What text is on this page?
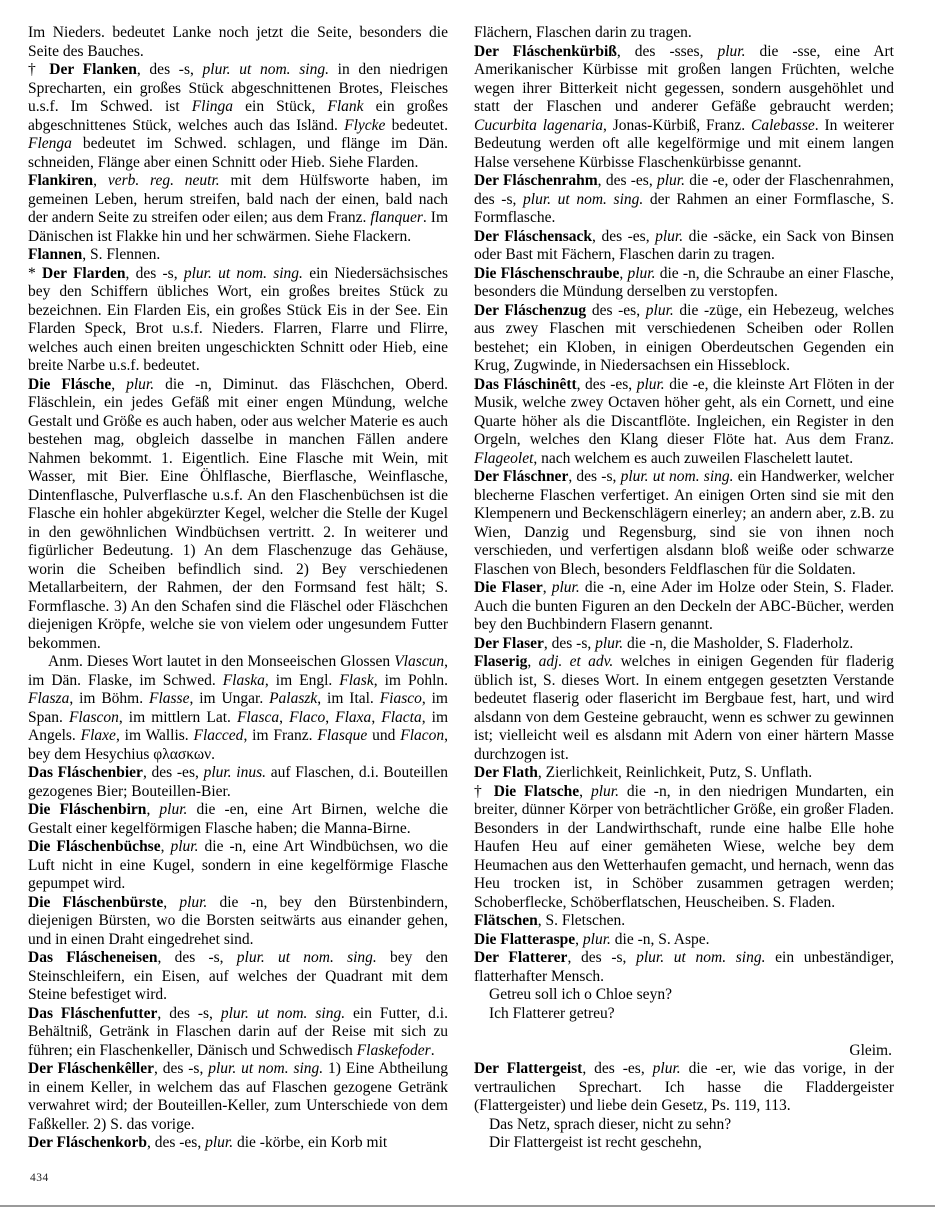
Im Nieders. bedeutet Lanke noch jetzt die Seite, besonders die Seite des Bauches.

† Der Flanken, des -s, plur. ut nom. sing. in den niedrigen Sprecharten, ein großes Stück abgeschnittenen Brotes, Fleisches u.s.f. Im Schwed. ist Flinga ein Stück, Flank ein großes abgeschnittenes Stück, welches auch das Isländ. Flycke bedeutet. Flenga bedeutet im Schwed. schlagen, und flänge im Dän. schneiden, Flänge aber einen Schnitt oder Hieb. Siehe Flarden.

Flankiren, verb. reg. neutr. mit dem Hülfsworte haben, im gemeinen Leben, herum streifen, bald nach der einen, bald nach der andern Seite zu streifen oder eilen; aus dem Franz. flanquer. Im Dänischen ist Flakke hin und her schwärmen. Siehe Flackern.

Flannen, S. Flennen.

* Der Flarden, des -s, plur. ut nom. sing. ein Niedersächsisches bey den Schiffern übliches Wort, ein großes breites Stück zu bezeichnen. Ein Flarden Eis, ein großes Stück Eis in der See. Ein Flarden Speck, Brot u.s.f. Nieders. Flarren, Flarre und Flirre, welches auch einen breiten ungeschickten Schnitt oder Hieb, eine breite Narbe u.s.f. bedeutet.

Die Flásche, plur. die -n, Diminut. das Fläschchen, Oberd. Fläschlein, ein jedes Gefäß mit einer engen Mündung, welche Gestalt und Größe es auch haben, oder aus welcher Materie es auch bestehen mag, obgleich dasselbe in manchen Fällen andere Nahmen bekommt. 1. Eigentlich. Eine Flasche mit Wein, mit Wasser, mit Bier. Eine Öhlflasche, Bierflasche, Weinflasche, Dintenflasche, Pulverflasche u.s.f. An den Flaschenbüchsen ist die Flasche ein hohler abgekürzter Kegel, welcher die Stelle der Kugel in den gewöhnlichen Windbüchsen vertritt. 2. In weiterer und figürlicher Bedeutung. 1) An dem Flaschenzuge das Gehäuse, worin die Scheiben befindlich sind. 2) Bey verschiedenen Metallarbeitern, der Rahmen, der den Formsand fest hält; S. Formflasche. 3) An den Schafen sind die Fläschel oder Fläschchen diejenigen Kröpfe, welche sie von vielem oder ungesundem Futter bekommen.

Anm. Dieses Wort lautet in den Monseeischen Glossen Vlascun, im Dän. Flaske, im Schwed. Flaska, im Engl. Flask, im Pohln. Flasza, im Böhm. Flasse, im Ungar. Palaszk, im Ital. Fiasco, im Span. Flascon, im mittlern Lat. Flasca, Flaco, Flaxa, Flacta, im Angels. Flaxe, im Wallis. Flacced, im Franz. Flasque und Flacon, bey dem Hesychius φλασκων.

Das Fláschenbier, des -es, plur. inus. auf Flaschen, d.i. Bouteillen gezogenes Bier; Bouteillen-Bier.

Die Fláschenbirn, plur. die -en, eine Art Birnen, welche die Gestalt einer kegelförmigen Flasche haben; die Manna-Birne.

Die Fláschenbüchse, plur. die -n, eine Art Windbüchsen, wo die Luft nicht in eine Kugel, sondern in eine kegelförmige Flasche gepumpet wird.

Die Fláschenbürste, plur. die -n, bey den Bürstenbindern, diejenigen Bürsten, wo die Borsten seitwärts aus einander gehen, und in einen Draht eingedrehet sind.

Das Fláscheneisen, des -s, plur. ut nom. sing. bey den Steinschleifern, ein Eisen, auf welches der Quadrant mit dem Steine befestiget wird.

Das Fláschenfutter, des -s, plur. ut nom. sing. ein Futter, d.i. Behältniß, Getränk in Flaschen darin auf der Reise mit sich zu führen; ein Flaschenkeller, Dänisch und Schwedisch Flaskefoder.

Der Fláschenkêller, des -s, plur. ut nom. sing. 1) Eine Abtheilung in einem Keller, in welchem das auf Flaschen gezogene Getränk verwahret wird; der Bouteillen-Keller, zum Unterschiede von dem Faßkeller. 2) S. das vorige.

Der Fláschenkorb, des -es, plur. die -körbe, ein Korb mit

Flächern, Flaschen darin zu tragen.

Der Fláschenkürbiß, des -sses, plur. die -sse, eine Art Amerikanischer Kürbisse mit großen langen Früchten, welche wegen ihrer Bitterkeit nicht gegessen, sondern ausgehöhlet und statt der Flaschen und anderer Gefäße gebraucht werden; Cucurbita lagenaria, Jonas-Kürbiß, Franz. Calebasse. In weiterer Bedeutung werden oft alle kegelförmige und mit einem langen Halse versehene Kürbisse Flaschenkürbisse genannt.

Der Fláschenrahm, des -es, plur. die -e, oder der Flaschenrahmen, des -s, plur. ut nom. sing. der Rahmen an einer Formflasche, S. Formflasche.

Der Fláschensack, des -es, plur. die -säcke, ein Sack von Binsen oder Bast mit Fächern, Flaschen darin zu tragen.

Die Fláschenschraube, plur. die -n, die Schraube an einer Flasche, besonders die Mündung derselben zu verstopfen.

Der Fláschenzug des -es, plur. die -züge, ein Hebezeug, welches aus zwey Flaschen mit verschiedenen Scheiben oder Rollen bestehet; ein Kloben, in einigen Oberdeutschen Gegenden ein Krug, Zugwinde, in Niedersachsen ein Hisseblock.

Das Fláschinêtt, des -es, plur. die -e, die kleinste Art Flöten in der Musik, welche zwey Octaven höher geht, als ein Cornett, und eine Quarte höher als die Discantflöte. Ingleichen, ein Register in den Orgeln, welches den Klang dieser Flöte hat. Aus dem Franz. Flageolet, nach welchem es auch zuweilen Flaschelett lautet.

Der Fláschner, des -s, plur. ut nom. sing. ein Handwerker, welcher blecherne Flaschen verfertiget. An einigen Orten sind sie mit den Klempenern und Beckenschlägern einerley; an andern aber, z.B. zu Wien, Danzig und Regensburg, sind sie von ihnen noch verschieden, und verfertigen alsdann bloß weiße oder schwarze Flaschen von Blech, besonders Feldflaschen für die Soldaten.

Die Flaser, plur. die -n, eine Ader im Holze oder Stein, S. Flader. Auch die bunten Figuren an den Deckeln der ABC-Bücher, werden bey den Buchbindern Flasern genannt.

Der Flaser, des -s, plur. die -n, die Masholder, S. Fladerholz.

Flaserig, adj. et adv. welches in einigen Gegenden für fladerig üblich ist, S. dieses Wort. In einem entgegen gesetzten Verstande bedeutet flaserig oder flasericht im Bergbaue fest, hart, und wird alsdann von dem Gesteine gebraucht, wenn es schwer zu gewinnen ist; vielleicht weil es alsdann mit Adern von einer härtern Masse durchzogen ist.

Der Flath, Zierlichkeit, Reinlichkeit, Putz, S. Unflath.

† Die Flatsche, plur. die -n, in den niedrigen Mundarten, ein breiter, dünner Körper von beträchtlicher Größe, ein großer Fladen. Besonders in der Landwirthschaft, runde eine halbe Elle hohe Haufen Heu auf einer gemäheten Wiese, welche bey dem Heumachen aus den Wetterhaufen gemacht, und hernach, wenn das Heu trocken ist, in Schöber zusammen getragen werden; Schoberflecke, Schöberflatschen, Heuscheiben. S. Fladen.

Flätschen, S. Fletschen.

Die Flatteraspe, plur. die -n, S. Aspe.

Der Flatterer, des -s, plur. ut nom. sing. ein unbeständiger, flatterhafter Mensch.

Getreu soll ich o Chloe seyn?

Ich Flatterer getreu?

Gleim.

Der Flattergeist, des -es, plur. die -er, wie das vorige, in der vertraulichen Sprechart. Ich hasse die Fladdergeister (Flattergeister) und liebe dein Gesetz, Ps. 119, 113.

Das Netz, sprach dieser, nicht zu sehn?

Dir Flattergeist ist recht geschehn,

434
